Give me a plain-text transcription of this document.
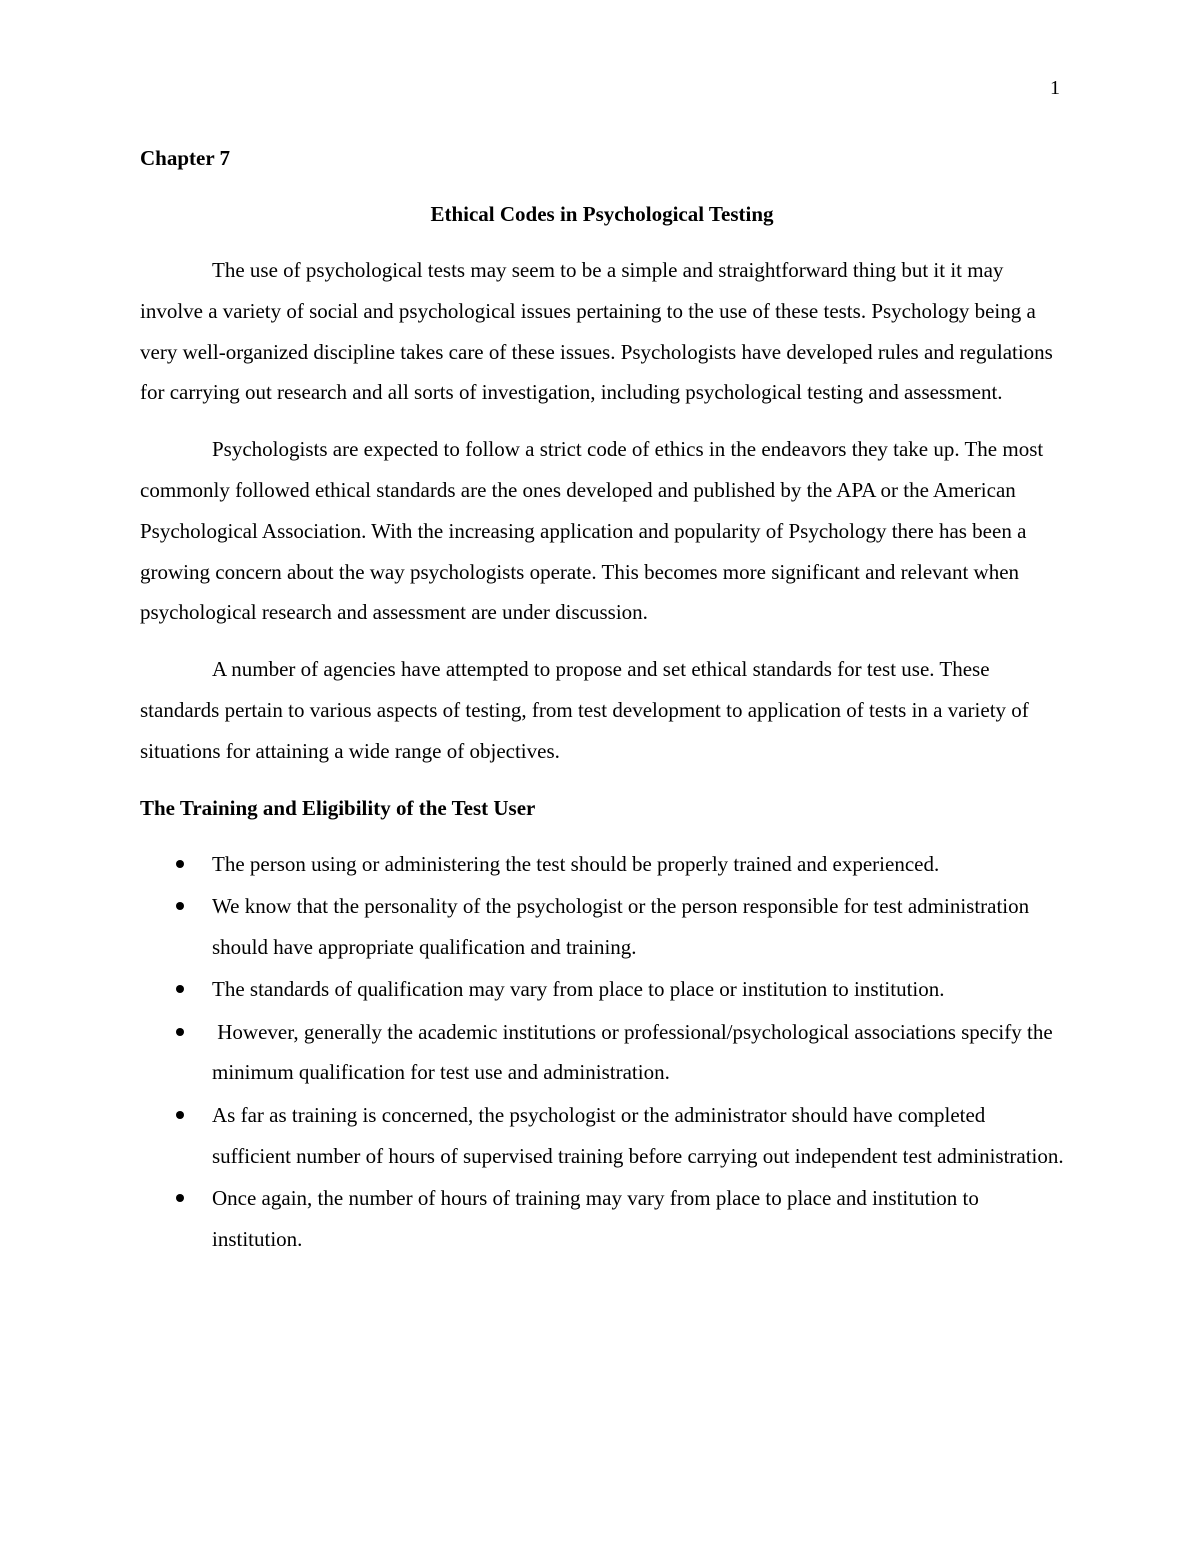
1

Chapter 7

Ethical Codes in Psychological Testing

The use of psychological tests may seem to be a simple and straightforward thing but it it may involve a variety of social and psychological issues pertaining to the use of these tests. Psychology being a very well-organized discipline takes care of these issues. Psychologists have developed rules and regulations for carrying out research and all sorts of investigation, including psychological testing and assessment.

Psychologists are expected to follow a strict code of ethics in the endeavors they take up. The most commonly followed ethical standards are the ones developed and published by the APA or the American Psychological Association. With the increasing application and popularity of Psychology there has been a growing concern about the way psychologists operate. This becomes more significant and relevant when psychological research and assessment are under discussion.

A number of agencies have attempted to propose and set ethical standards for test use. These standards pertain to various aspects of testing, from test development to application of tests in a variety of situations for attaining a wide range of objectives.

The Training and Eligibility of the Test User

The person using or administering the test should be properly trained and experienced.
We know that the personality of the psychologist or the person responsible for test administration should have appropriate qualification and training.
The standards of qualification may vary from place to place or institution to institution.
However, generally the academic institutions or professional/psychological associations specify the minimum qualification for test use and administration.
As far as training is concerned, the psychologist or the administrator should have completed sufficient number of hours of supervised training before carrying out independent test administration.
Once again, the number of hours of training may vary from place to place and institution to institution.
